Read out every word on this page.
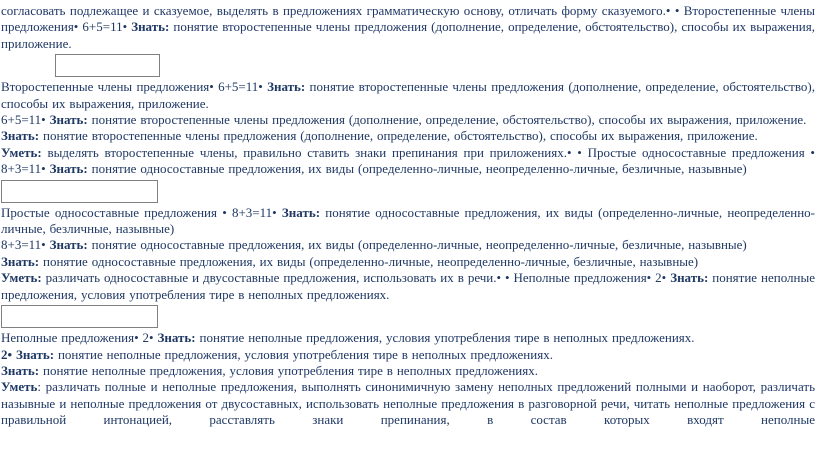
согласовать подлежащее и сказуемое, выделять в предложениях грамматическую основу, отличать форму сказуемого.• • Второстепенные члены предложения• 6+5=11• Знать: понятие второстепенные члены предложения (дополнение, определение, обстоятельство), способы их выражения, приложение.

Второстепенные члены предложения• 6+5=11• Знать: понятие второстепенные члены предложения (дополнение, определение, обстоятельство), способы их выражения, приложение.

6+5=11• Знать: понятие второстепенные члены предложения (дополнение, определение, обстоятельство), способы их выражения, приложение.

Знать: понятие второстепенные члены предложения (дополнение, определение, обстоятельство), способы их выражения, приложение.

Уметь: выделять второстепенные члены, правильно ставить знаки препинания при приложениях.• • Простые односоставные предложения • 8+3=11• Знать: понятие односоставные предложения, их виды (определенно-личные, неопределенно-личные, безличные, назывные)

Простые односоставные предложения • 8+3=11• Знать: понятие односоставные предложения, их виды (определенно-личные, неопределенно-личные, безличные, назывные)

8+3=11• Знать: понятие односоставные предложения, их виды (определенно-личные, неопределенно-личные, безличные, назывные)

Знать: понятие односоставные предложения, их виды (определенно-личные, неопределенно-личные, безличные, назывные)

Уметь: различать односоставные и двусоставные предложения, использовать их в речи.• • Неполные предложения• 2• Знать: понятие неполные предложения, условия употребления тире в неполных предложениях.

Неполные предложения• 2• Знать: понятие неполные предложения, условия употребления тире в неполных предложениях.

2• Знать: понятие неполные предложения, условия употребления тире в неполных предложениях.

Знать: понятие неполные предложения, условия употребления тире в неполных предложениях.

Уметь: различать полные и неполные предложения, выполнять синонимичную замену неполных предложений полными и наоборот, различать назывные и неполные предложения от двусоставных, использовать неполные предложения в разговорной речи, читать неполные предложения с правильной интонацией, расставлять знаки препинания, в состав которых входят неполные
